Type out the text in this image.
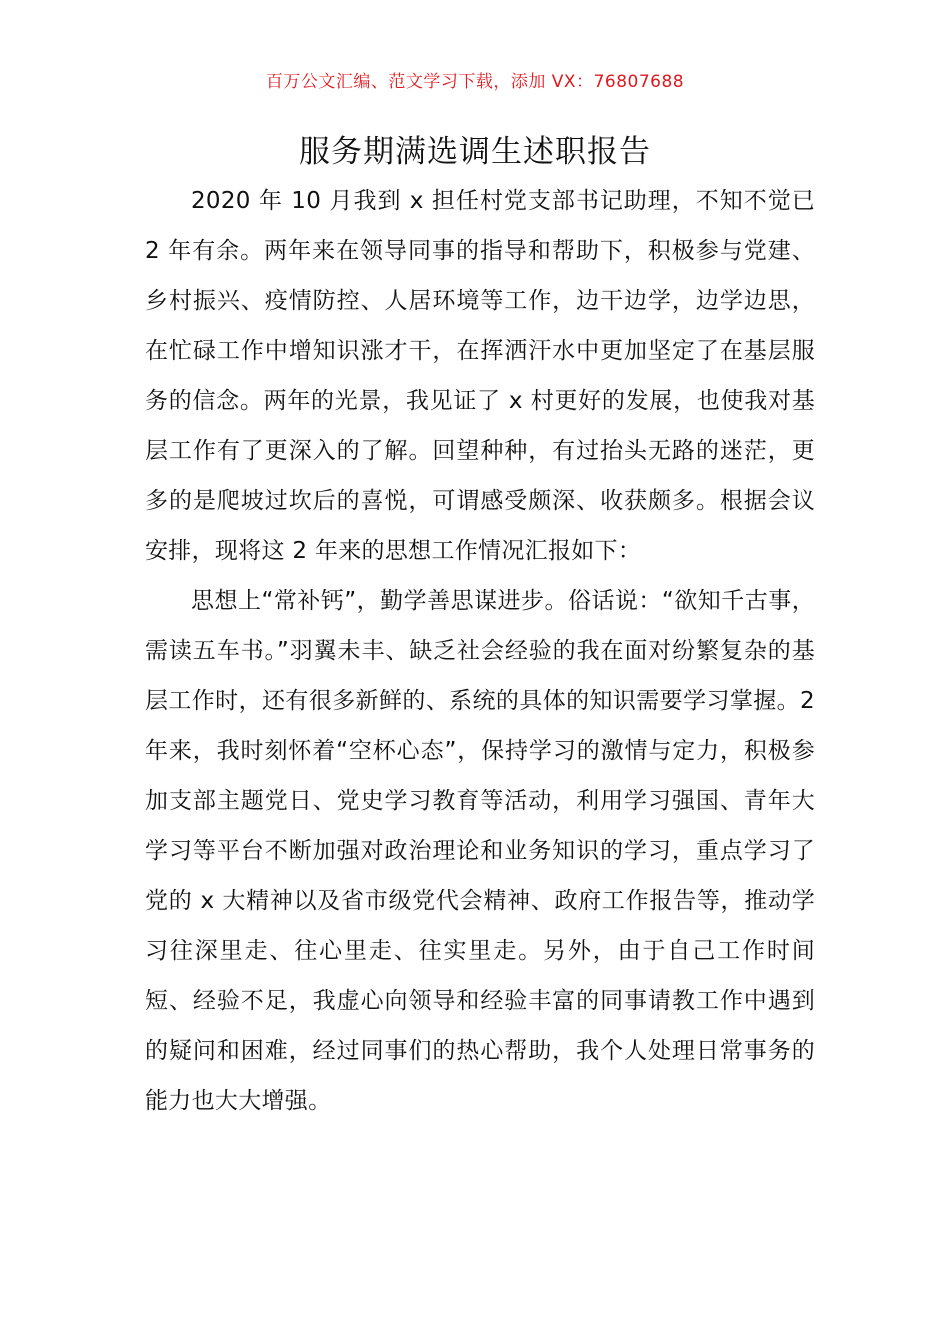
百万公文汇编、范文学习下载，添加 VX：76807688
服务期满选调生述职报告

2020 年 10 月我到 x 担任村党支部书记助理，不知不觉已 2 年有余。两年来在领导同事的指导和帮助下，积极参与党建、乡村振兴、疫情防控、人居环境等工作，边干边学，边学边思，在忙碌工作中增知识涨才干，在挥洒汗水中更加坚定了在基层服务的信念。两年的光景，我见证了 x 村更好的发展，也使我对基层工作有了更深入的了解。回望种种，有过抬头无路的迷茫，更多的是爬坡过坎后的喜悦，可谓感受颇深、收获颇多。根据会议安排，现将这 2 年来的思想工作情况汇报如下：

思想上“常补钙”，勤学善思谋进步。俗话说：“欲知千古事，需读五车书。”羽翼未丰、缺乏社会经验的我在面对纷繁复杂的基层工作时，还有很多新鲜的、系统的具体的知识需要学习掌握。2 年来，我时刻怀着“空杯心态”，保持学习的激情与定力，积极参加支部主题党日、党史学习教育等活动，利用学习强国、青年大学习等平台不断加强对政治理论和业务知识的学习，重点学习了党的 x 大精神以及省市级党代会精神、政府工作报告等，推动学习往深里走、往心里走、往实里走。另外，由于自己工作时间短、经验不足，我虚心向领导和经验丰富的同事请教工作中遇到的疑问和困难，经过同事们的热心帮助，我个人处理日常事务的能力也大大增强。
